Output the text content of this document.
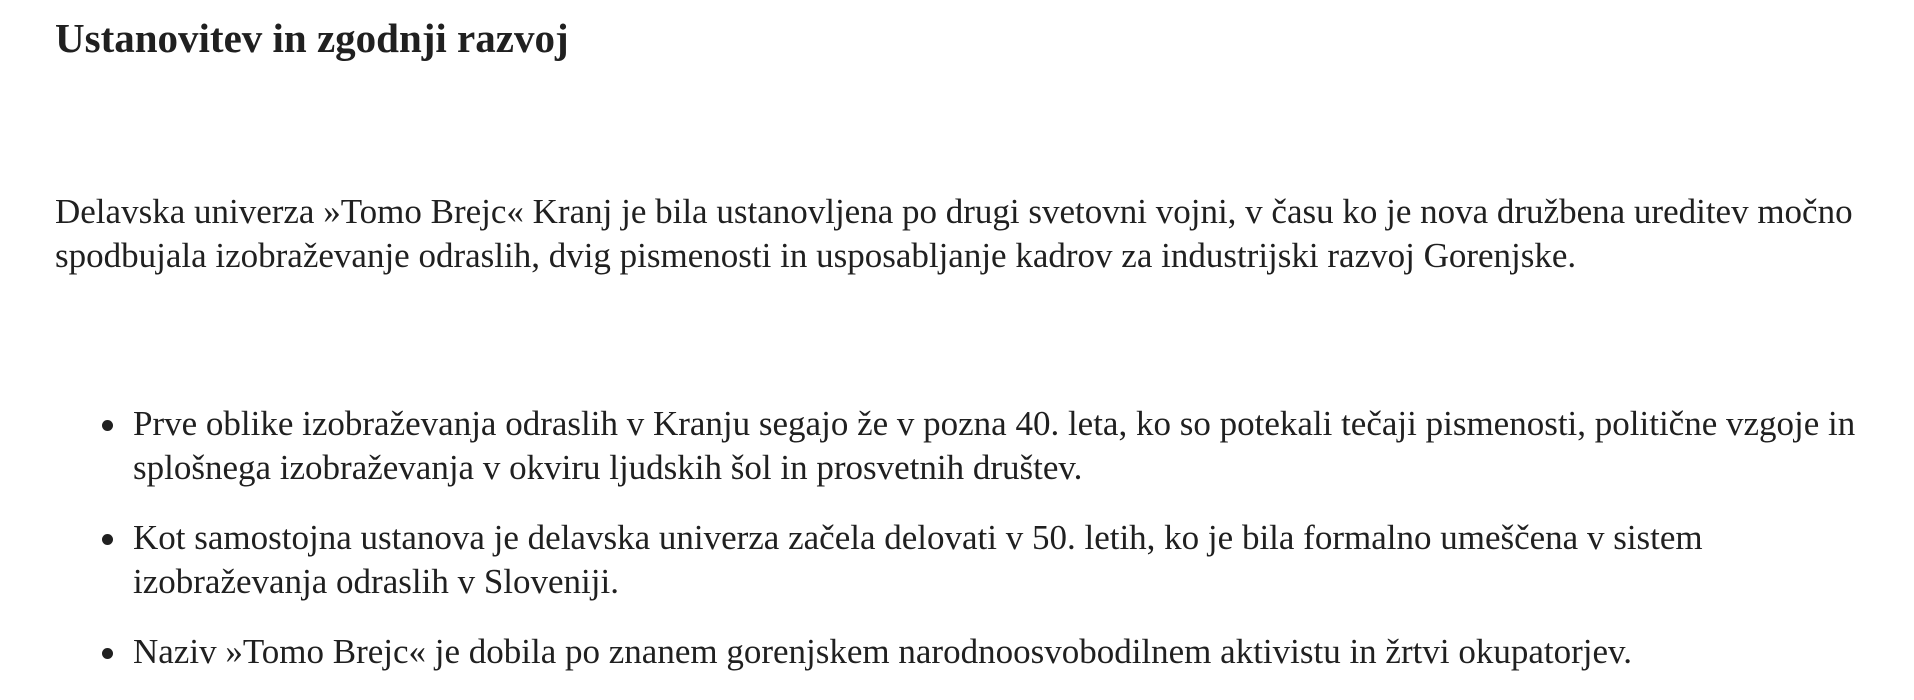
Ustanovitev in zgodnji razvoj

Delavska univerza »Tomo Brejc« Kranj je bila ustanovljena po drugi svetovni vojni, v času ko je nova družbena ureditev močno spodbujala izobraževanje odraslih, dvig pismenosti in usposabljanje kadrov za industrijski razvoj Gorenjske.

Prve oblike izobraževanja odraslih v Kranju segajo že v pozna 40. leta, ko so potekali tečaji pismenosti, politične vzgoje in splošnega izobraževanja v okviru ljudskih šol in prosvetnih društev.
Kot samostojna ustanova je delavska univerza začela delovati v 50. letih, ko je bila formalno umeščena v sistem izobraževanja odraslih v Sloveniji.
Naziv »Tomo Brejc« je dobila po znanem gorenjskem narodnoosvobodilnem aktivistu in žrtvi okupatorjev.
